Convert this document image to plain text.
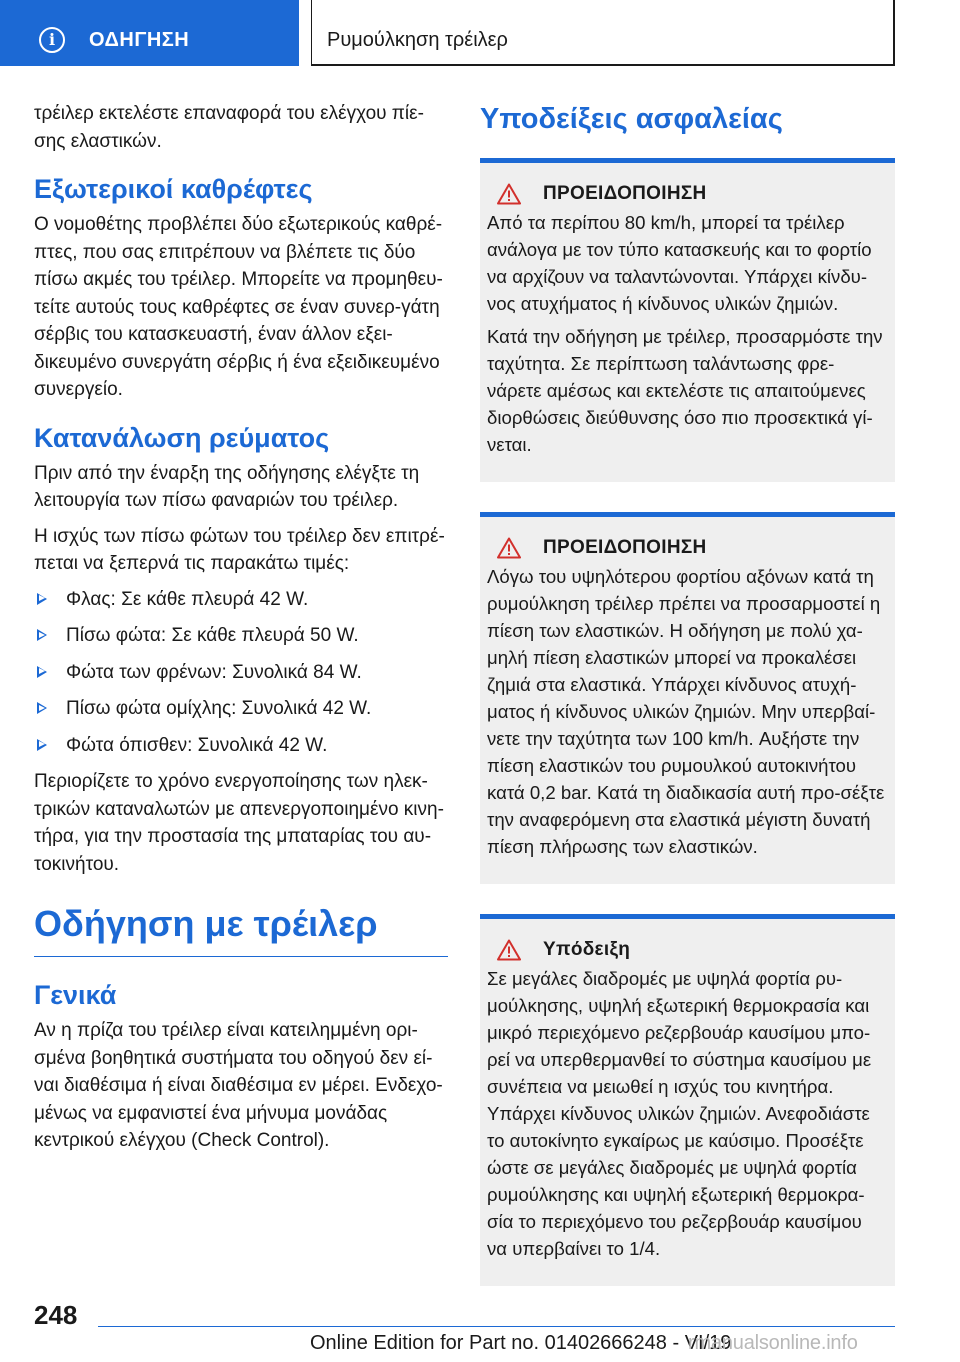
i	ΟΔΗΓΗΣΗ	Ρυμούλκηση τρέιλερ

τρέιλερ εκτελέστε επαναφορά του ελέγχου πίε-σης ελαστικών.

Εξωτερικοί καθρέφτες

Ο νομοθέτης προβλέπει δύο εξωτερικούς καθρέ-πτες, που σας επιτρέπουν να βλέπετε τις δύο πίσω ακμές του τρέιλερ. Μπορείτε να προμηθευ-τείτε αυτούς τους καθρέφτες σε έναν συνερ-γάτη σέρβις του κατασκευαστή, έναν άλλον εξει-δικευμένο συνεργάτη σέρβις ή ένα εξειδικευμένο συνεργείο.

Κατανάλωση ρεύματος

Πριν από την έναρξη της οδήγησης ελέγξτε τη λειτουργία των πίσω φαναριών του τρέιλερ.

Η ισχύς των πίσω φώτων του τρέιλερ δεν επιτρέ-πεται να ξεπερνά τις παρακάτω τιμές:

Φλας: Σε κάθε πλευρά 42 W.
Πίσω φώτα: Σε κάθε πλευρά 50 W.
Φώτα των φρένων: Συνολικά 84 W.
Πίσω φώτα ομίχλης: Συνολικά 42 W.
Φώτα όπισθεν: Συνολικά 42 W.

Περιορίζετε το χρόνο ενεργοποίησης των ηλεκ-τρικών καταναλωτών με απενεργοποιημένο κινη-τήρα, για την προστασία της μπαταρίας του αυ-τοκινήτου.

Οδήγηση με τρέιλερ
Γενικά

Αν η πρίζα του τρέιλερ είναι κατειλημμένη ορι-σμένα βοηθητικά συστήματα του οδηγού δεν εί-ναι διαθέσιμα ή είναι διαθέσιμα εν μέρει. Ενδεχο-μένως να εμφανιστεί ένα μήνυμα μονάδας κεντρικού ελέγχου (Check Control).

Υποδείξεις ασφαλείας
ΠΡΟΕΙΔΟΠΟΙΗΣΗ

Από τα περίπου 80 km/h, μπορεί τα τρέιλερ ανάλογα με τον τύπο κατασκευής και το φορτίο να αρχίζουν να ταλαντώνονται. Υπάρχει κίνδυ-νος ατυχήματος ή κίνδυνος υλικών ζημιών.

Κατά την οδήγηση με τρέιλερ, προσαρμόστε την ταχύτητα. Σε περίπτωση ταλάντωσης φρε-νάρετε αμέσως και εκτελέστε τις απαιτούμενες διορθώσεις διεύθυνσης όσο πιο προσεκτικά γί-νεται.

ΠΡΟΕΙΔΟΠΟΙΗΣΗ

Λόγω του υψηλότερου φορτίου αξόνων κατά τη ρυμούλκηση τρέιλερ πρέπει να προσαρμοστεί η πίεση των ελαστικών. Η οδήγηση με πολύ χα-μηλή πίεση ελαστικών μπορεί να προκαλέσει ζημιά στα ελαστικά. Υπάρχει κίνδυνος ατυχή-ματος ή κίνδυνος υλικών ζημιών. Μην υπερβαί-νετε την ταχύτητα των 100 km/h. Αυξήστε την πίεση ελαστικών του ρυμουλκού αυτοκινήτου κατά 0,2 bar. Κατά τη διαδικασία αυτή προ-σέξτε την αναφερόμενη στα ελαστικά μέγιστη δυνατή πίεση πλήρωσης των ελαστικών.

Υπόδειξη

Σε μεγάλες διαδρομές με υψηλά φορτία ρυ-μούλκησης, υψηλή εξωτερική θερμοκρασία και μικρό περιεχόμενο ρεζερβουάρ καυσίμου μπο-ρεί να υπερθερμανθεί το σύστημα καυσίμου με συνέπεια να μειωθεί η ισχύς του κινητήρα. Υπάρχει κίνδυνος υλικών ζημιών. Ανεφοδιάστε το αυτοκίνητο εγκαίρως με καύσιμο. Προσέξτε ώστε σε μεγάλες διαδρομές με υψηλά φορτία ρυμούλκησης και υψηλή εξωτερική θερμοκρα-σία το περιεχόμενο του ρεζερβουάρ καυσίμου να υπερβαίνει το 1/4.

248
Online Edition for Part no. 01402666248 - VI/19
rmanualsonline.info
